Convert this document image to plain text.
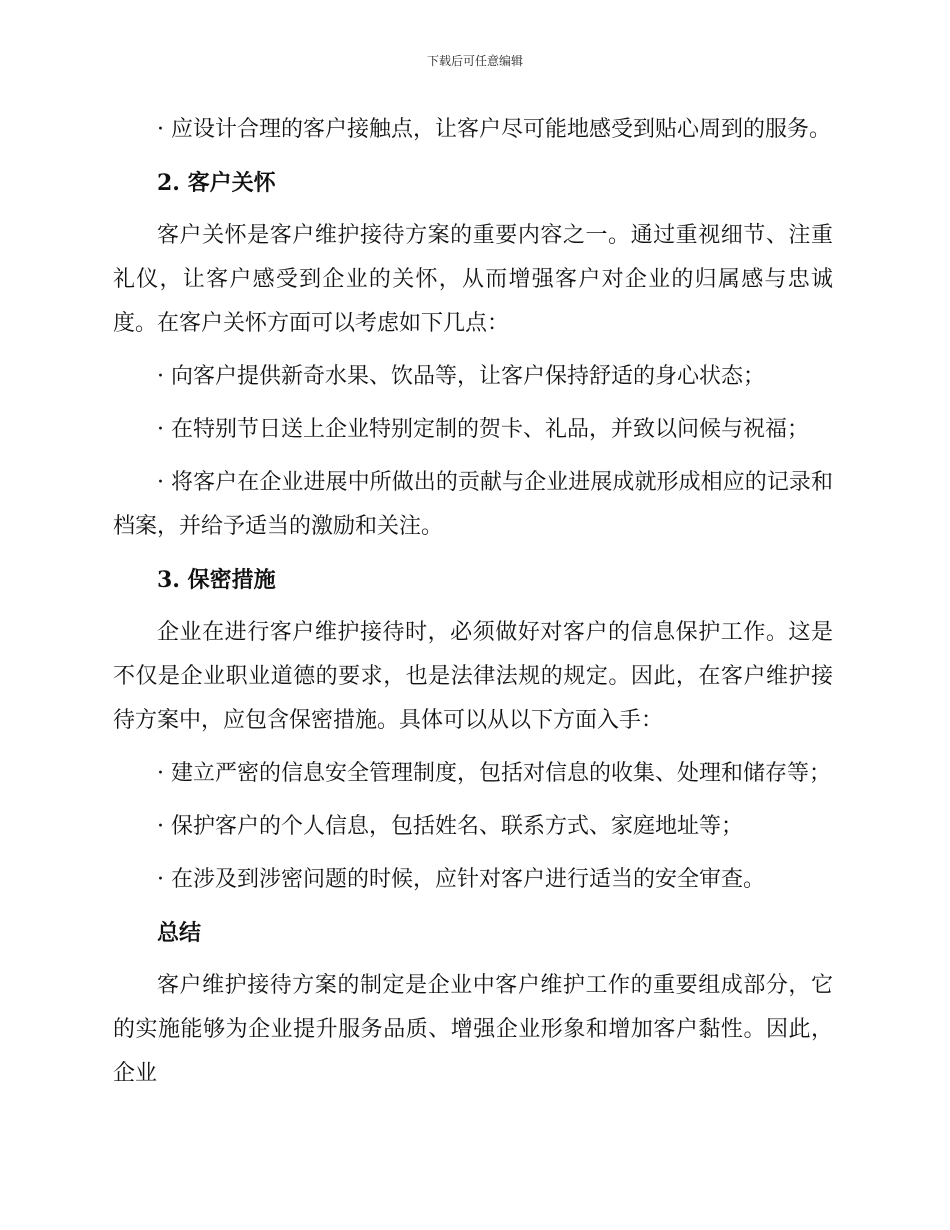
下载后可任意编辑

· 应设计合理的客户接触点，让客户尽可能地感受到贴心周到的服务。

2. 客户关怀

客户关怀是客户维护接待方案的重要内容之一。通过重视细节、注重礼仪，让客户感受到企业的关怀，从而增强客户对企业的归属感与忠诚度。在客户关怀方面可以考虑如下几点：

· 向客户提供新奇水果、饮品等，让客户保持舒适的身心状态；

· 在特别节日送上企业特别定制的贺卡、礼品，并致以问候与祝福；

· 将客户在企业进展中所做出的贡献与企业进展成就形成相应的记录和档案，并给予适当的激励和关注。

3. 保密措施

企业在进行客户维护接待时，必须做好对客户的信息保护工作。这是不仅是企业职业道德的要求，也是法律法规的规定。因此，在客户维护接待方案中，应包含保密措施。具体可以从以下方面入手：

· 建立严密的信息安全管理制度，包括对信息的收集、处理和储存等；

· 保护客户的个人信息，包括姓名、联系方式、家庭地址等；

· 在涉及到涉密问题的时候，应针对客户进行适当的安全审查。

总结

客户维护接待方案的制定是企业中客户维护工作的重要组成部分，它的实施能够为企业提升服务品质、增强企业形象和增加客户黏性。因此，企业
